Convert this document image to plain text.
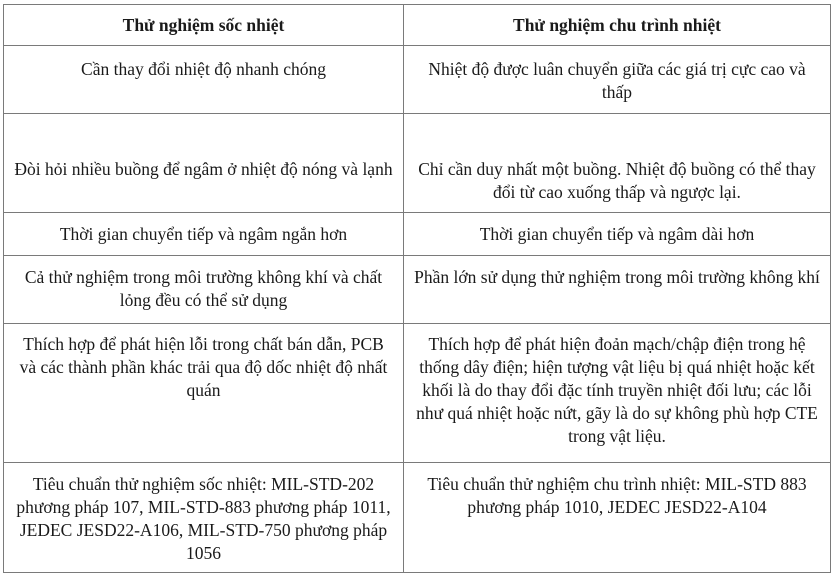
Thử nghiệm sốc nhiệt	Thử nghiệm chu trình nhiệt
Cần thay đổi nhiệt độ nhanh chóng	Nhiệt độ được luân chuyển giữa các giá trị cực cao và thấp
Đòi hỏi nhiều buồng để ngâm ở nhiệt độ nóng và lạnh	Chỉ cần duy nhất một buồng. Nhiệt độ buồng có thể thay đổi từ cao xuống thấp và ngược lại.
Thời gian chuyển tiếp và ngâm ngắn hơn	Thời gian chuyển tiếp và ngâm dài hơn
Cả thử nghiệm trong môi trường không khí và chất lỏng đều có thể sử dụng	Phần lớn sử dụng thử nghiệm trong môi trường không khí
Thích hợp để phát hiện lỗi trong chất bán dẫn, PCB và các thành phần khác trải qua độ dốc nhiệt độ nhất quán	Thích hợp để phát hiện đoản mạch/chập điện trong hệ thống dây điện; hiện tượng vật liệu bị quá nhiệt hoặc kết khối là do thay đổi đặc tính truyền nhiệt đối lưu; các lỗi như quá nhiệt hoặc nứt, gãy là do sự không phù hợp CTE trong vật liệu.
Tiêu chuẩn thử nghiệm sốc nhiệt: MIL-STD-202 phương pháp 107, MIL-STD-883 phương pháp 1011, JEDEC JESD22-A106, MIL-STD-750 phương pháp 1056	Tiêu chuẩn thử nghiệm chu trình nhiệt: MIL-STD 883 phương pháp 1010, JEDEC JESD22-A104
